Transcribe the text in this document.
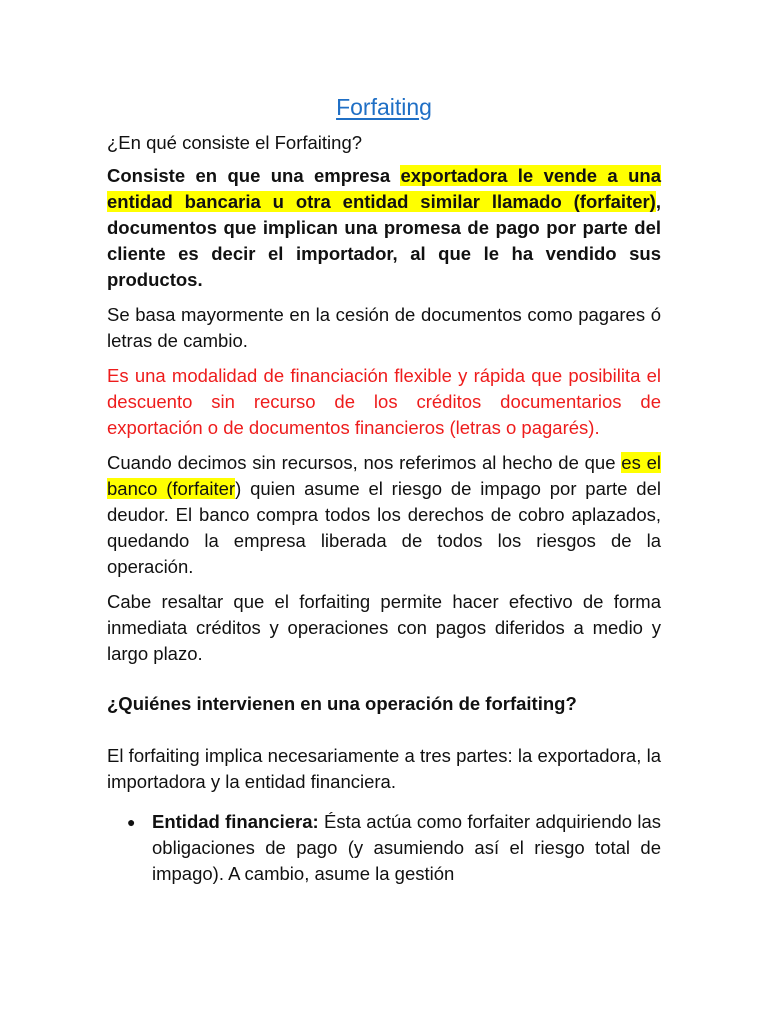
Forfaiting

¿En qué consiste el Forfaiting?

Consiste en que una empresa exportadora le vende a una entidad bancaria u otra entidad similar llamado (forfaiter), documentos que implican una promesa de pago por parte del cliente es decir el importador, al que le ha vendido sus productos.

Se basa mayormente en la cesión de documentos como pagares ó letras de cambio.

Es una modalidad de financiación flexible y rápida que posibilita el descuento sin recurso de los créditos documentarios de exportación o de documentos financieros (letras o pagarés).

Cuando decimos sin recursos, nos referimos al hecho de que es el banco (forfaiter) quien asume el riesgo de impago por parte del deudor. El banco compra todos los derechos de cobro aplazados, quedando la empresa liberada de todos los riesgos de la operación.

Cabe resaltar que el forfaiting permite hacer efectivo de forma inmediata créditos y operaciones con pagos diferidos a medio y largo plazo.

¿Quiénes intervienen en una operación de forfaiting?

El forfaiting implica necesariamente a tres partes: la exportadora, la importadora y la entidad financiera.

● Entidad financiera: Ésta actúa como forfaiter adquiriendo las obligaciones de pago (y asumiendo así el riesgo total de impago). A cambio, asume la gestión
